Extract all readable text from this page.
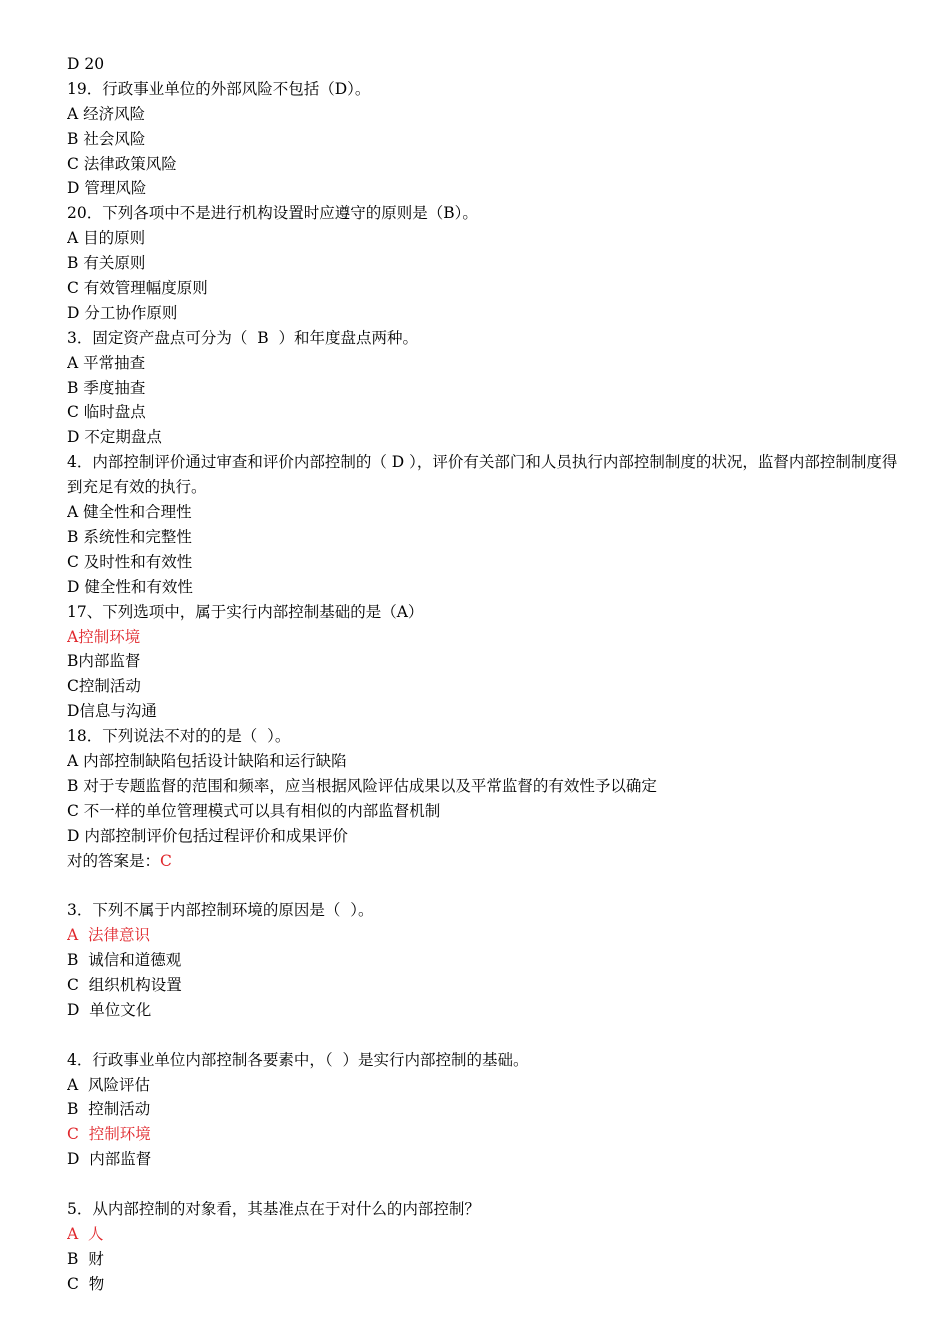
D 20
19．行政事业单位的外部风险不包括（D）。
A 经济风险
B 社会风险
C 法律政策风险
D 管理风险
20．下列各项中不是进行机构设置时应遵守的原则是（B）。
A 目的原则
B 有关原则
C 有效管理幅度原则
D 分工协作原则
3．固定资产盘点可分为（  B  ）和年度盘点两种。
A 平常抽查
B 季度抽查
C 临时盘点
D 不定期盘点
4．内部控制评价通过审查和评价内部控制的（ D ），评价有关部门和人员执行内部控制制度的状况，监督内部控制制度得到充足有效的执行。
A 健全性和合理性
B 系统性和完整性
C 及时性和有效性
D 健全性和有效性
17、下列选项中，属于实行内部控制基础的是（A）
A控制环境
B内部监督
C控制活动
D信息与沟通
18．下列说法不对的的是（  ）。
A 内部控制缺陷包括设计缺陷和运行缺陷
B 对于专题监督的范围和频率，应当根据风险评估成果以及平常监督的有效性予以确定
C 不一样的单位管理模式可以具有相似的内部监督机制
D 内部控制评价包括过程评价和成果评价
对的答案是：C
3．下列不属于内部控制环境的原因是（  ）。
A  法律意识
B  诚信和道德观
C  组织机构设置
D  单位文化
4．行政事业单位内部控制各要素中，（  ）是实行内部控制的基础。
A  风险评估
B  控制活动
C  控制环境
D  内部监督
5．从内部控制的对象看，其基准点在于对什么的内部控制？
A  人
B  财
C  物
